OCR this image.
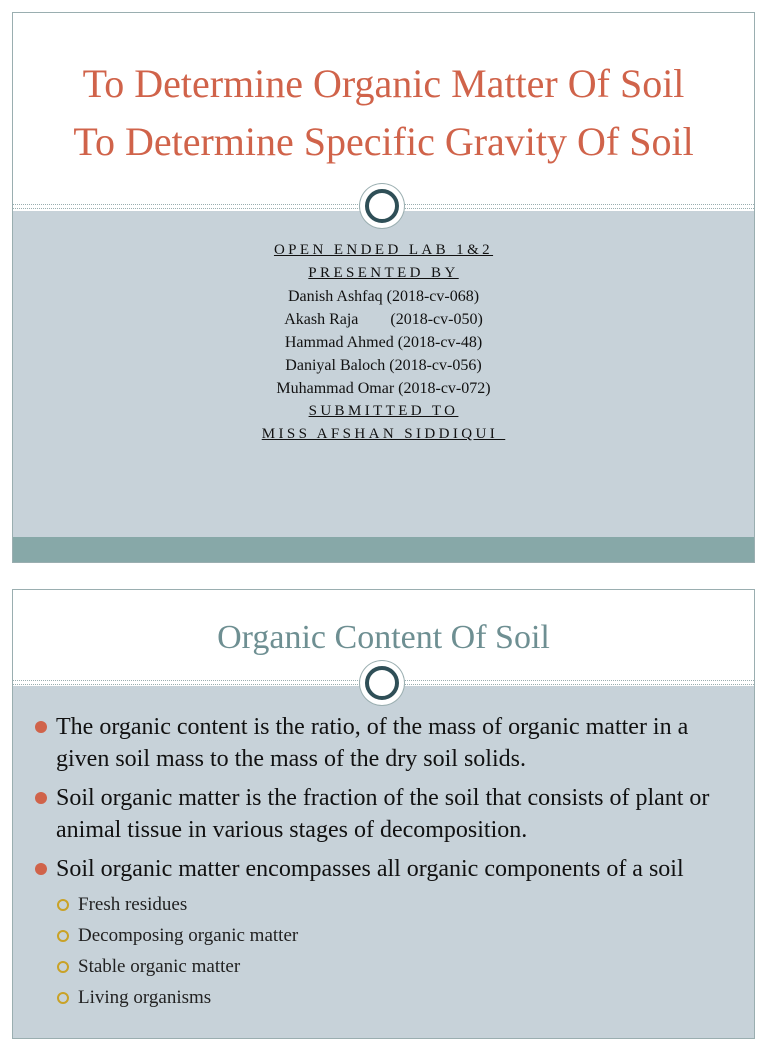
To Determine Organic Matter Of Soil
To Determine Specific Gravity Of Soil
OPEN ENDED LAB 1&2
PRESENTED BY
Danish Ashfaq (2018-cv-068)
Akash Raja        (2018-cv-050)
Hammad Ahmed (2018-cv-48)
Daniyal Baloch (2018-cv-056)
Muhammad Omar (2018-cv-072)
SUBMITTED TO
MISS AFSHAN SIDDIQUI
Organic Content Of Soil
The organic content is the ratio, of the mass of organic matter in a given soil mass to the mass of the dry soil solids.
Soil organic matter is the fraction of the soil that consists of plant or animal tissue in various stages of decomposition.
Soil organic matter encompasses all organic components of a soil
Fresh residues
Decomposing organic matter
Stable organic matter
Living organisms
